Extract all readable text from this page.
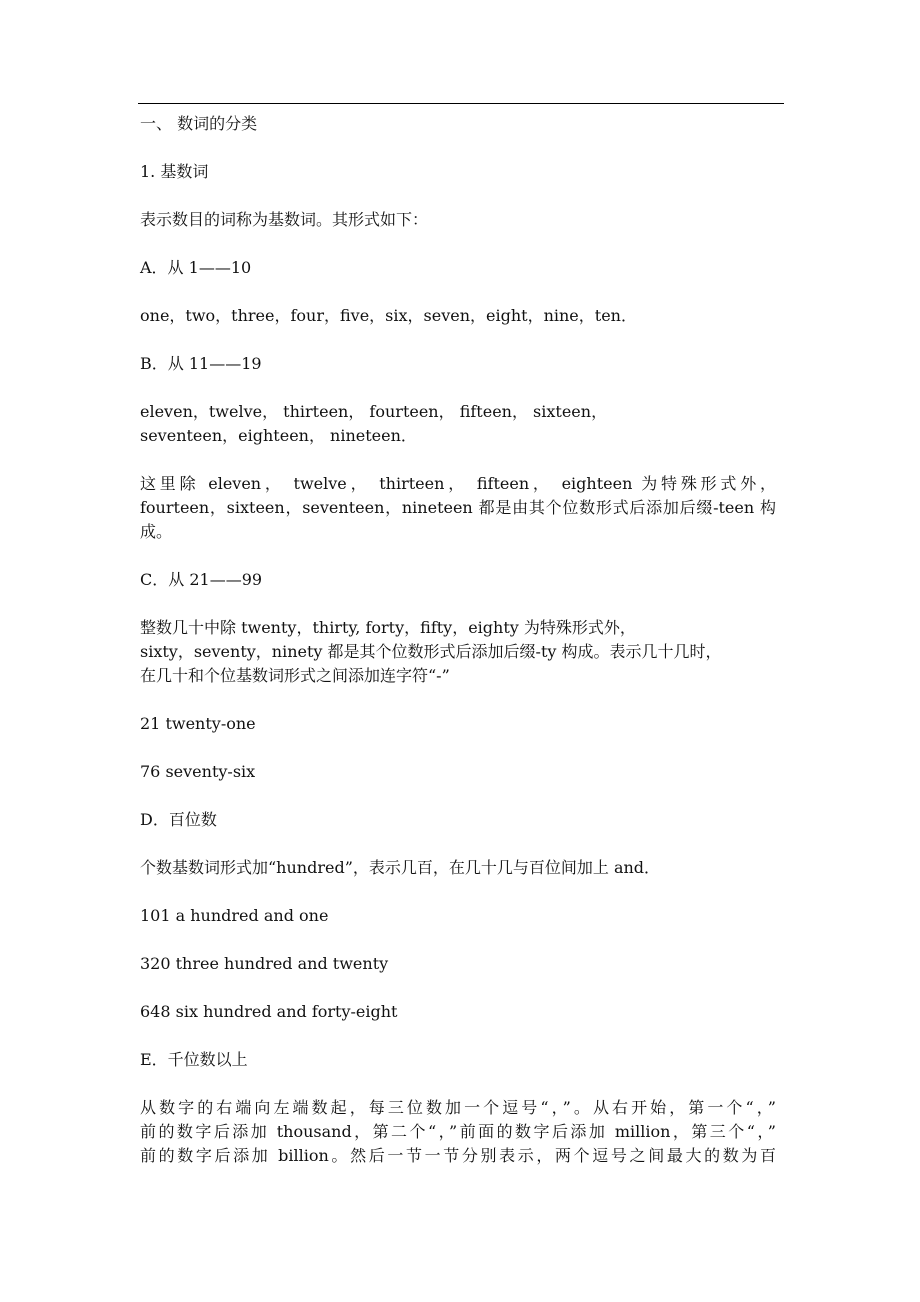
一、 数词的分类

1. 基数词

表示数目的词称为基数词。其形式如下：

A．从 1——10

one，two，three，four，five，six，seven，eight，nine，ten．

B．从 11——19

eleven，twelve， thirteen， fourteen， fifteen， sixteen，
seventeen，eighteen， nineteen．

这里除 eleven， twelve， thirteen， fifteen， eighteen 为特殊形式外，
fourteen，sixteen，seventeen，nineteen 都是由其个位数形式后添加后缀-teen 构
成。

C．从 21——99

整数几十中除 twenty，thirty, forty，fifty，eighty 为特殊形式外，
sixty，seventy，ninety 都是其个位数形式后添加后缀-ty 构成。表示几十几时，
在几十和个位基数词形式之间添加连字符“-”

21 twenty-one

76 seventy-six

D．百位数

个数基数词形式加“hundred”，表示几百，在几十几与百位间加上 and．

101 a hundred and one

320 three hundred and twenty

648 six hundred and forty-eight

E．千位数以上

从数字的右端向左端数起，每三位数加一个逗号“，”。从右开始，第一个“，”
前的数字后添加 thousand，第二个“，”前面的数字后添加 million，第三个“，”
前的数字后添加 billion。然后一节一节分别表示，两个逗号之间最大的数为百
